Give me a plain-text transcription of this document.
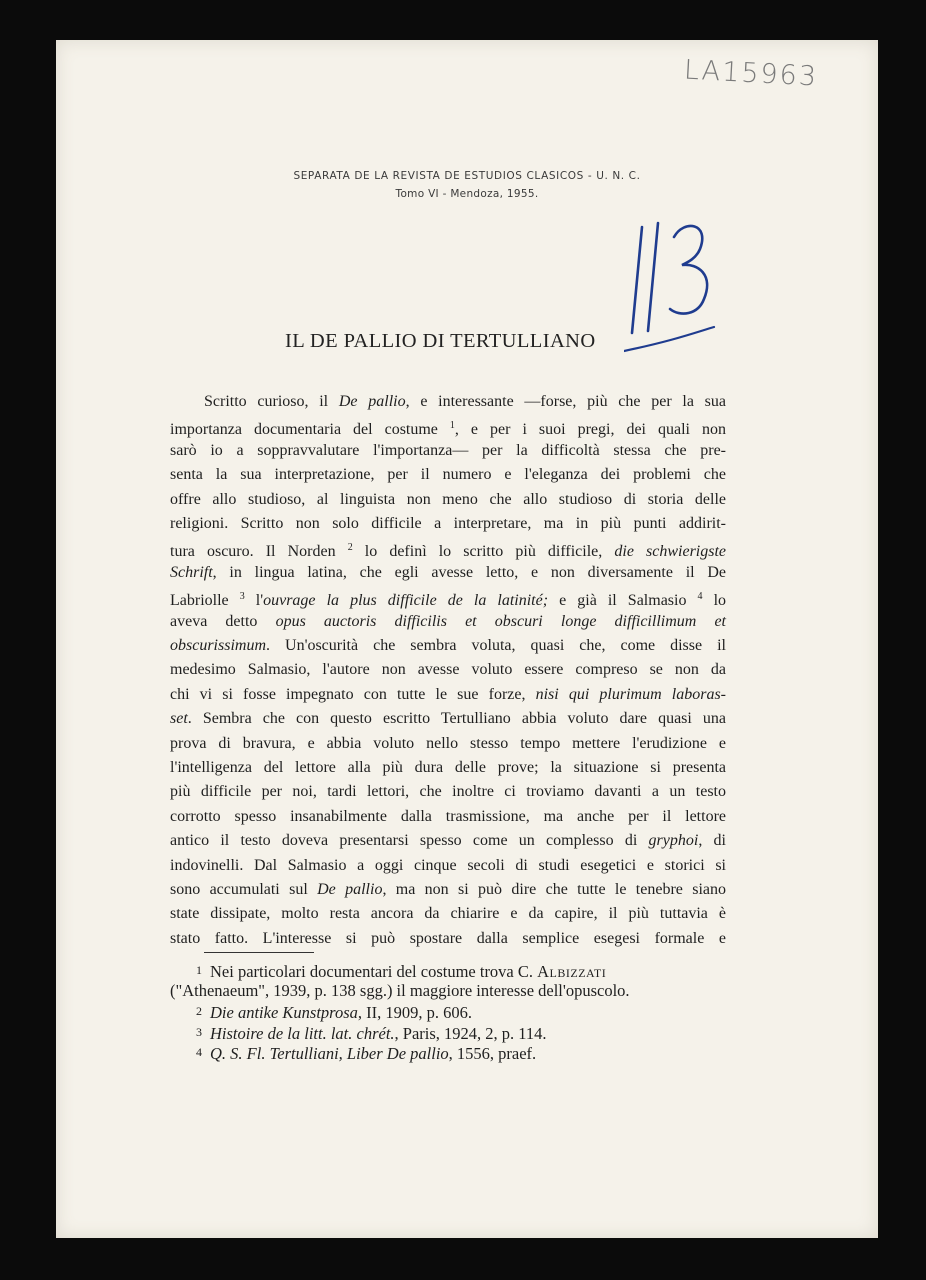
LA15963
SEPARATA DE LA REVISTA DE ESTUDIOS CLASICOS - U. N. C.
Tomo VI - Mendoza, 1955.
IL DE PALLIO DI TERTULLIANO
Scritto curioso, il De pallio, e interessante —forse, più che per la sua
importanza documentaria del costume $^1$, e per i suoi pregi, dei quali non
sarò io a soppravvalutare l'importanza— per la difficoltà stessa che pre-
senta la sua interpretazione, per il numero e l'eleganza dei problemi che
offre allo studioso, al linguista non meno che allo studioso di storia delle
religioni. Scritto non solo difficile a interpretare, ma in più punti addirit-
tura oscuro. Il Norden $^2$ lo definì lo scritto più difficile, die schwierigste
Schrift, in lingua latina, che egli avesse letto, e non diversamente il De
Labriolle $^3$ l'ouvrage la plus difficile de la latinité; e già il Salmasio $^4$ lo
aveva detto opus auctoris difficilis et obscuri longe difficillimum et
obscurissimum. Un'oscurità che sembra voluta, quasi che, come disse il
medesimo Salmasio, l'autore non avesse voluto essere compreso se non da
chi vi si fosse impegnato con tutte le sue forze, nisi qui plurimum laboras-
set. Sembra che con questo escritto Tertulliano abbia voluto dare quasi una
prova di bravura, e abbia voluto nello stesso tempo mettere l'erudizione e
l'intelligenza del lettore alla più dura delle prove; la situazione si presenta
più difficile per noi, tardi lettori, che inoltre ci troviamo davanti a un testo
corrotto spesso insanabilmente dalla trasmissione, ma anche per il lettore
antico il testo doveva presentarsi spesso come un complesso di gryphoi, di
indovinelli. Dal Salmasio a oggi cinque secoli di studi esegetici e storici si
sono accumulati sul De pallio, ma non si può dire che tutte le tenebre siano
state dissipate, molto resta ancora da chiarire e da capire, il più tuttavia è
stato fatto. L'interesse si può spostare dalla semplice esegesi formale e
1 Nei particolari documentari del costume trova C. Albizzati
("Athenaeum", 1939, p. 138 sgg.) il maggiore interesse dell'opuscolo.
2 Die antike Kunstprosa, II, 1909, p. 606.
3 Histoire de la litt. lat. chrét., Paris, 1924, 2, p. 114.
4 Q. S. Fl. Tertulliani, Liber De pallio, 1556, praef.
